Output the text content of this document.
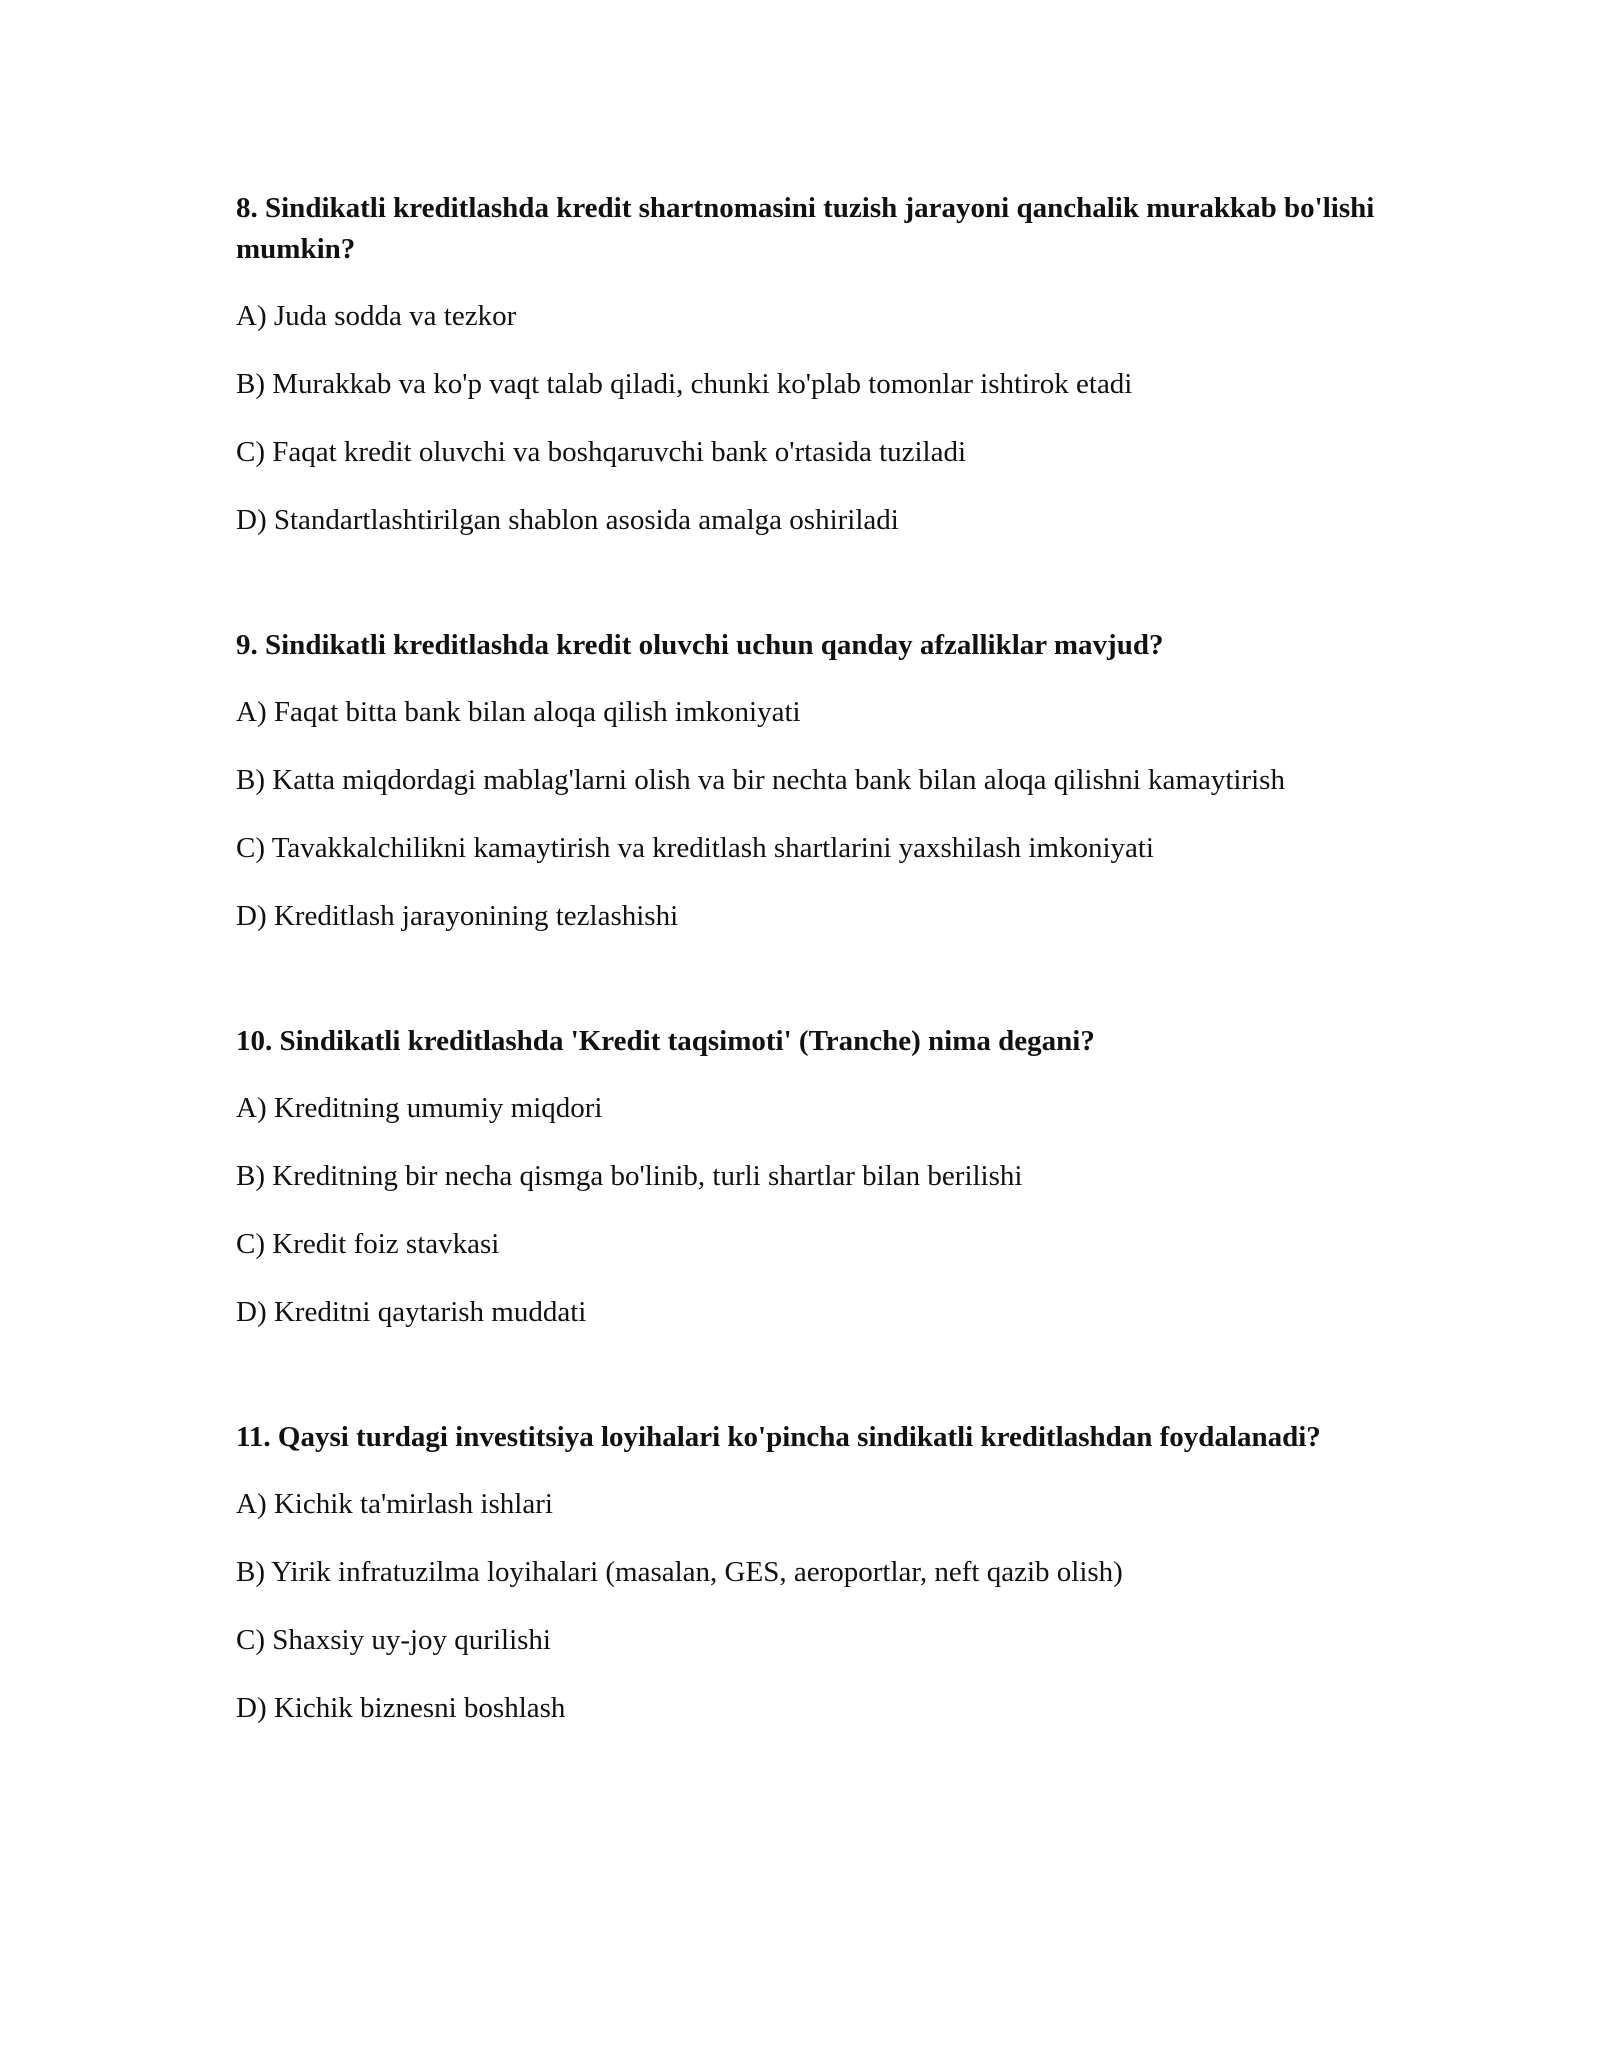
8. Sindikatli kreditlashda kredit shartnomasini tuzish jarayoni qanchalik murakkab bo'lishi mumkin?

A) Juda sodda va tezkor

B) Murakkab va ko'p vaqt talab qiladi, chunki ko'plab tomonlar ishtirok etadi

C) Faqat kredit oluvchi va boshqaruvchi bank o'rtasida tuziladi

D) Standartlashtirilgan shablon asosida amalga oshiriladi

9. Sindikatli kreditlashda kredit oluvchi uchun qanday afzalliklar mavjud?

A) Faqat bitta bank bilan aloqa qilish imkoniyati

B) Katta miqdordagi mablag'larni olish va bir nechta bank bilan aloqa qilishni kamaytirish

C) Tavakkalchilikni kamaytirish va kreditlash shartlarini yaxshilash imkoniyati

D) Kreditlash jarayonining tezlashishi

10. Sindikatli kreditlashda 'Kredit taqsimoti' (Tranche) nima degani?

A) Kreditning umumiy miqdori

B) Kreditning bir necha qismga bo'linib, turli shartlar bilan berilishi

C) Kredit foiz stavkasi

D) Kreditni qaytarish muddati

11. Qaysi turdagi investitsiya loyihalari ko'pincha sindikatli kreditlashdan foydalanadi?

A) Kichik ta'mirlash ishlari

B) Yirik infratuzilma loyihalari (masalan, GES, aeroportlar, neft qazib olish)

C) Shaxsiy uy-joy qurilishi

D) Kichik biznesni boshlash
